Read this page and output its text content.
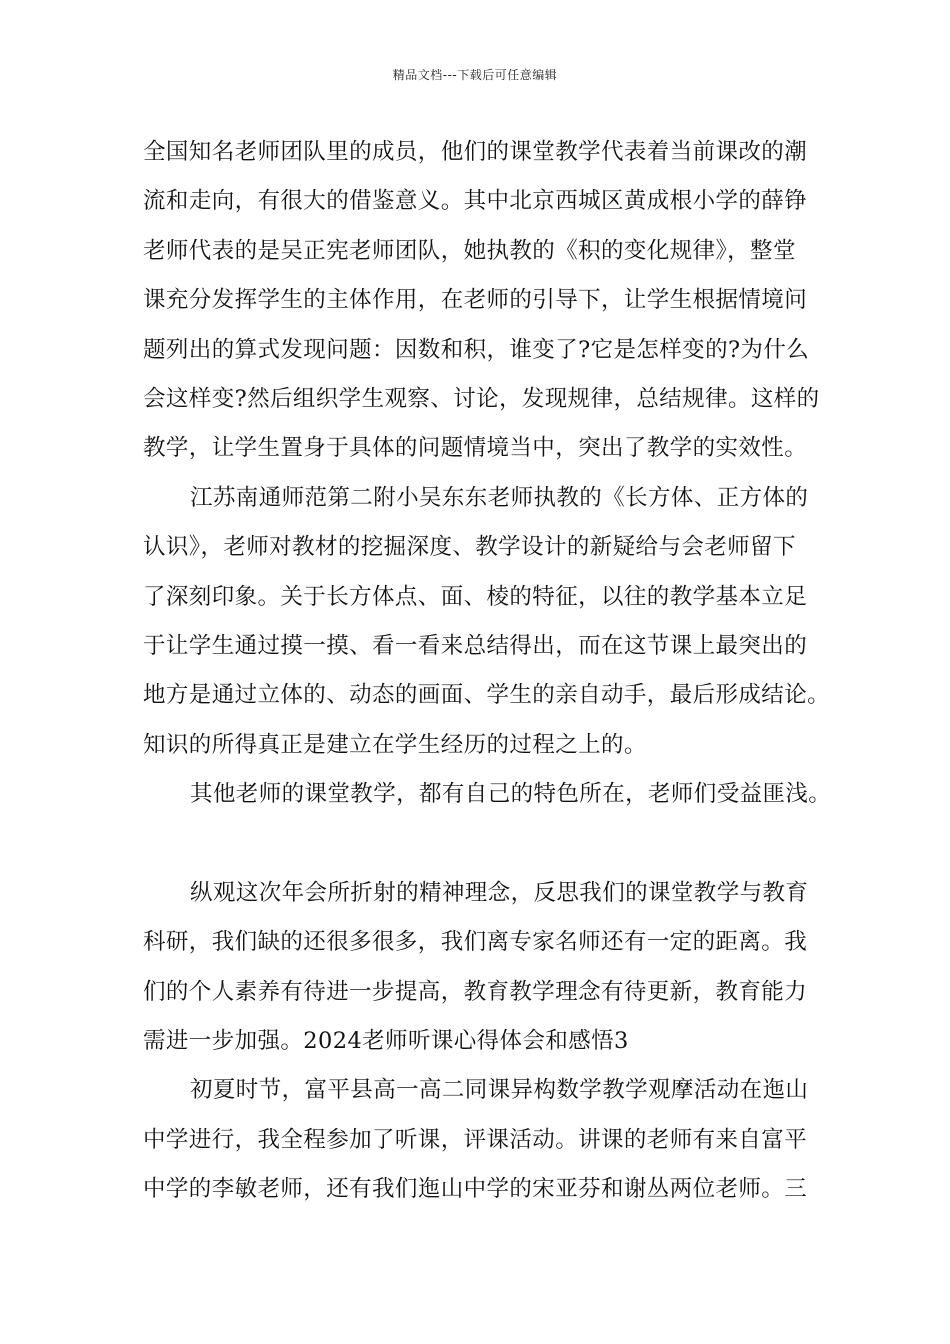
精品文档---下载后可任意编辑
全国知名老师团队里的成员，他们的课堂教学代表着当前课改的潮
流和走向，有很大的借鉴意义。其中北京西城区黄成根小学的薛铮
老师代表的是吴正宪老师团队，她执教的《积的变化规律》，整堂
课充分发挥学生的主体作用，在老师的引导下，让学生根据情境问
题列出的算式发现问题：因数和积，谁变了?它是怎样变的?为什么
会这样变?然后组织学生观察、讨论，发现规律，总结规律。这样的
教学，让学生置身于具体的问题情境当中，突出了教学的实效性。
江苏南通师范第二附小吴东东老师执教的《长方体、正方体的
认识》，老师对教材的挖掘深度、教学设计的新疑给与会老师留下
了深刻印象。关于长方体点、面、棱的特征，以往的教学基本立足
于让学生通过摸一摸、看一看来总结得出，而在这节课上最突出的
地方是通过立体的、动态的画面、学生的亲自动手，最后形成结论。
知识的所得真正是建立在学生经历的过程之上的。
其他老师的课堂教学，都有自己的特色所在，老师们受益匪浅。
纵观这次年会所折射的精神理念，反思我们的课堂教学与教育
科研，我们缺的还很多很多，我们离专家名师还有一定的距离。我
们的个人素养有待进一步提高，教育教学理念有待更新，教育能力
需进一步加强。2024老师听课心得体会和感悟3
初夏时节，富平县高一高二同课异构数学教学观摩活动在迤山
中学进行，我全程参加了听课，评课活动。讲课的老师有来自富平
中学的李敏老师，还有我们迤山中学的宋亚芬和谢丛两位老师。三
